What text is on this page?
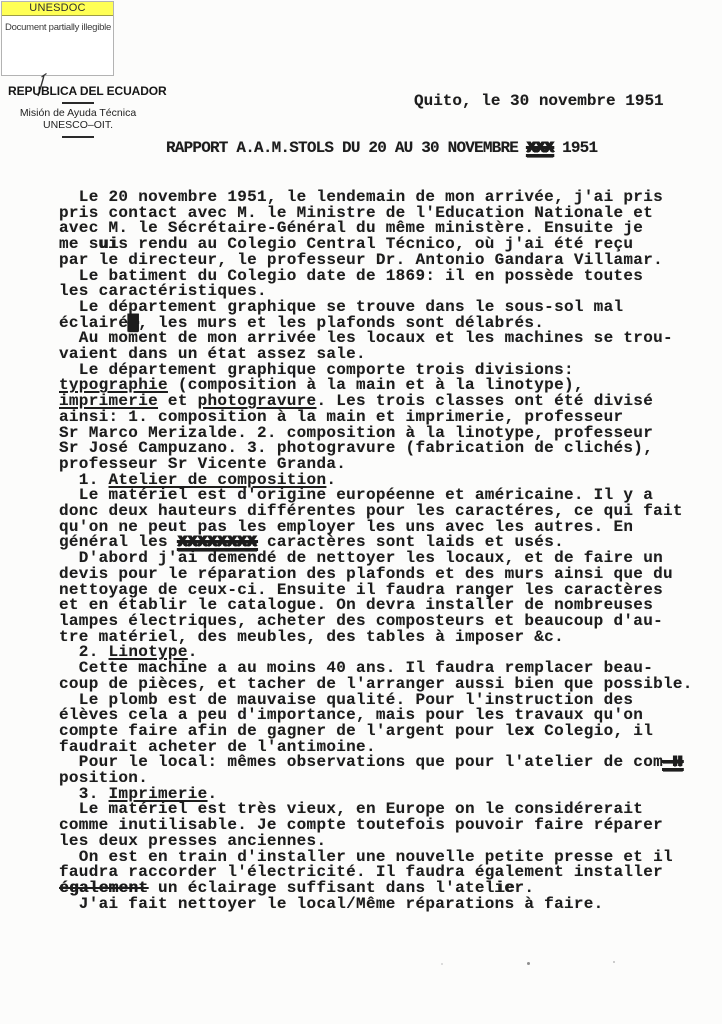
UNESDOC
Document partially illegible
REPUBLICA DEL ECUADOR
Misión de Ayuda Técnica
UNESCO–OIT.
Quito, le 30 novembre 1951
RAPPORT A.A.M.STOLS DU 20 AU 30 NOVEMBRE XXX 1951
Le 20 novembre 1951, le lendemain de mon arrivée, j'ai pris
pris contact avec M. le Ministre de l'Education Nationale et
avec M. le Sécrétaire-Général du même ministère. Ensuite je
me suis rendu au Colegio Central Técnico, où j'ai été reçu
par le directeur, le professeur Dr. Antonio Gandara Villamar.
Le batiment du Colegio date de 1869: il en possède toutes
les caractéristiques.
Le département graphique se trouve dans le sous-sol mal
éclairé█, les murs et les plafonds sont délabrés.
Au moment de mon arrivée les locaux et les machines se trou-
vaient dans un état assez sale.
Le département graphique comporte trois divisions:
typographie (composition à la main et à la linotype),
imprimerie et photogravure. Les trois classes ont été divisé
ainsi: 1. composition à la main et imprimerie, professeur
Sr Marco Merizalde. 2. composition à la linotype, professeur
Sr José Campuzano. 3. photogravure (fabrication de clichés),
professeur Sr Vicente Granda.
1. Atelier de composition.
Le matériel est d'origine européenne et américaine. Il y a
donc deux hauteurs différentes pour les caractéres, ce qui fait
qu'on ne peut pas les employer les uns avec les autres. En
général les XXXXXXXX caractères sont laids et usés.
D'abord j'ai demendé de nettoyer les locaux, et de faire un
devis pour le réparation des plafonds et des murs ainsi que du
nettoyage de ceux-ci. Ensuite il faudra ranger les caractères
et en établir le catalogue. On devra installer de nombreuses
lampes électriques, acheter des composteurs et beaucoup d'au-
tre matériel, des meubles, des tables à imposer &c.
2. Linotype.
Cette machine a au moins 40 ans. Il faudra remplacer beau-
coup de pièces, et tacher de l'arranger aussi bien que possible.
Le plomb est de mauvaise qualité. Pour l'instruction des
élèves cela a peu d'importance, mais pour les travaux qu'on
compte faire afin de gagner de l'argent pour lex Colegio, il
faudrait acheter de l'antimoine.
Pour le local: mêmes observations que pour l'atelier de com-H
position.
3. Imprimerie.
Le matériel est très vieux, en Europe on le considérerait
comme inutilisable. Je compte toutefois pouvoir faire réparer
les deux presses anciennes.
On est en train d'installer une nouvelle petite presse et il
faudra raccorder l'électricité. Il faudra également installer
également un éclairage suffisant dans l'atelier.
J'ai fait nettoyer le local/Même réparations à faire.
